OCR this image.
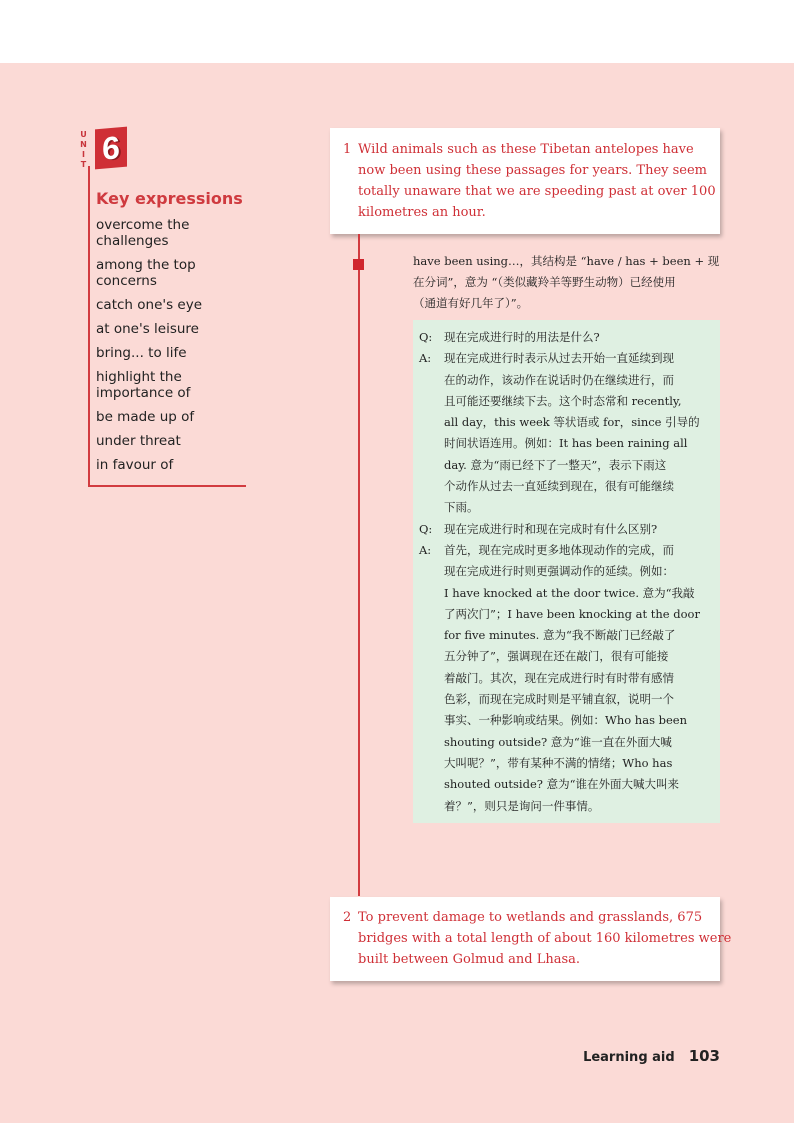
UNIT 6
Key expressions
overcome the
challenges
among the top
concerns
catch one's eye
at one's leisure
bring... to life
highlight the
importance of
be made up of
under threat
in favour of
1 Wild animals such as these Tibetan antelopes have
now been using these passages for years. They seem
totally unaware that we are speeding past at over 100
kilometres an hour.
have been using…，其结构是 “have / has + been + 现
在分词”，意为 “（类似藏羚羊等野生动物）已经使用
（通道有好几年了）”。
Q:	现在完成进行时的用法是什么?
A:	现在完成进行时表示从过去开始一直延续到现
在的动作，该动作在说话时仍在继续进行，而
且可能还要继续下去。这个时态常和 recently,
all day，this week 等状语或 for，since 引导的
时间状语连用。例如：It has been raining all
day. 意为“雨已经下了一整天”，表示下雨这
个动作从过去一直延续到现在，很有可能继续
下雨。
Q:	现在完成进行时和现在完成时有什么区别?
A:	首先，现在完成时更多地体现动作的完成，而
现在完成进行时则更强调动作的延续。例如：
I have knocked at the door twice. 意为“我敲
了两次门”；I have been knocking at the door
for five minutes. 意为“我不断敲门已经敲了
五分钟了”，强调现在还在敲门，很有可能接
着敲门。其次，现在完成进行时有时带有感情
色彩，而现在完成时则是平铺直叙，说明一个
事实、一种影响或结果。例如：Who has been
shouting outside? 意为“谁一直在外面大喊
大叫呢？”，带有某种不满的情绪；Who has
shouted outside? 意为“谁在外面大喊大叫来
着？”，则只是询问一件事情。
2 To prevent damage to wetlands and grasslands, 675
bridges with a total length of about 160 kilometres were
built between Golmud and Lhasa.
Learning aid 103
